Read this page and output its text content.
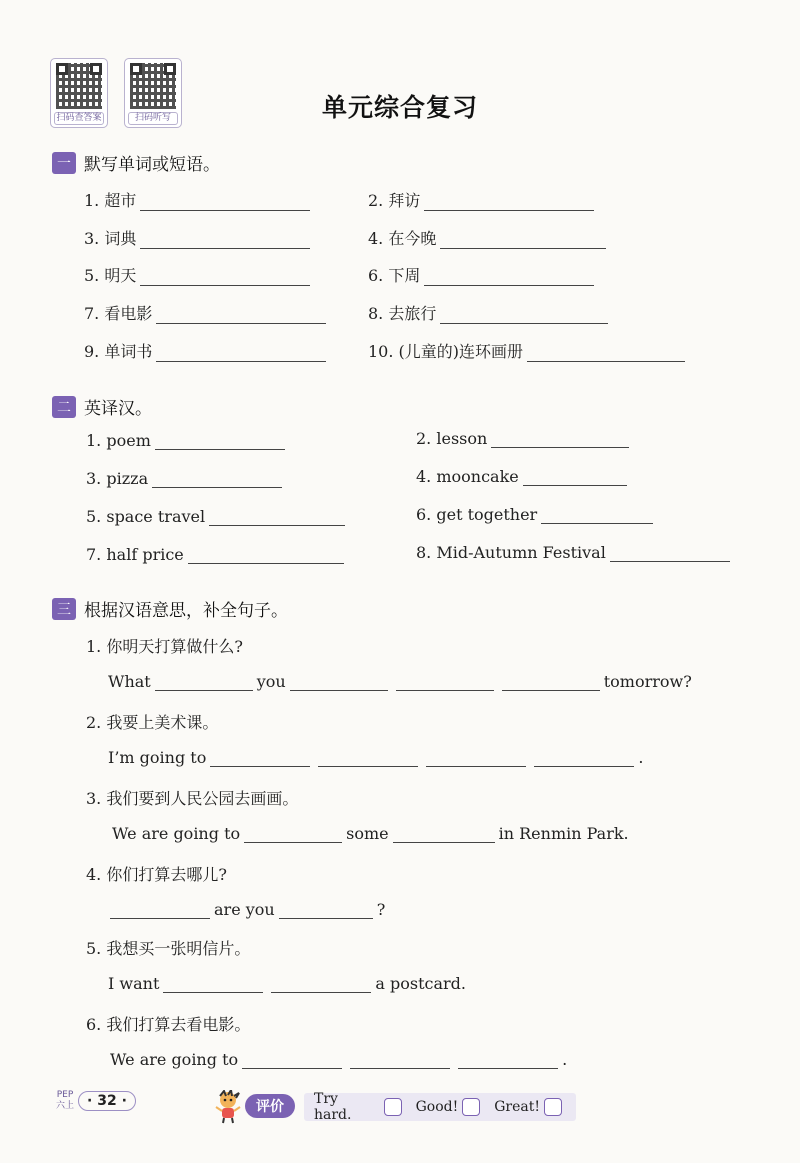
扫码查答案	扫码听写	单元综合复习
一 默写单词或短语。
1. 超市	2. 拜访
3. 词典	4. 在今晚
5. 明天	6. 下周
7. 看电影	8. 去旅行
9. 单词书	10. (儿童的)连环画册
二 英译汉。
1. poem	2. lesson
3. pizza	4. mooncake
5. space travel	6. get together
7. half price	8. Mid-Autumn Festival
三 根据汉语意思，补全句子。
1. 你明天打算做什么?
What	you	tomorrow?
2. 我要上美术课。
I’m going to	.
3. 我们要到人民公园去画画。
We are going to	some	in Renmin Park.
4. 你们打算去哪儿?
are you	?
5. 我想买一张明信片。
I want	a postcard.
6. 我们打算去看电影。
We are going to	.
PEP
六上 · 32 ·	评价	Try hard.	Good!	Great!
